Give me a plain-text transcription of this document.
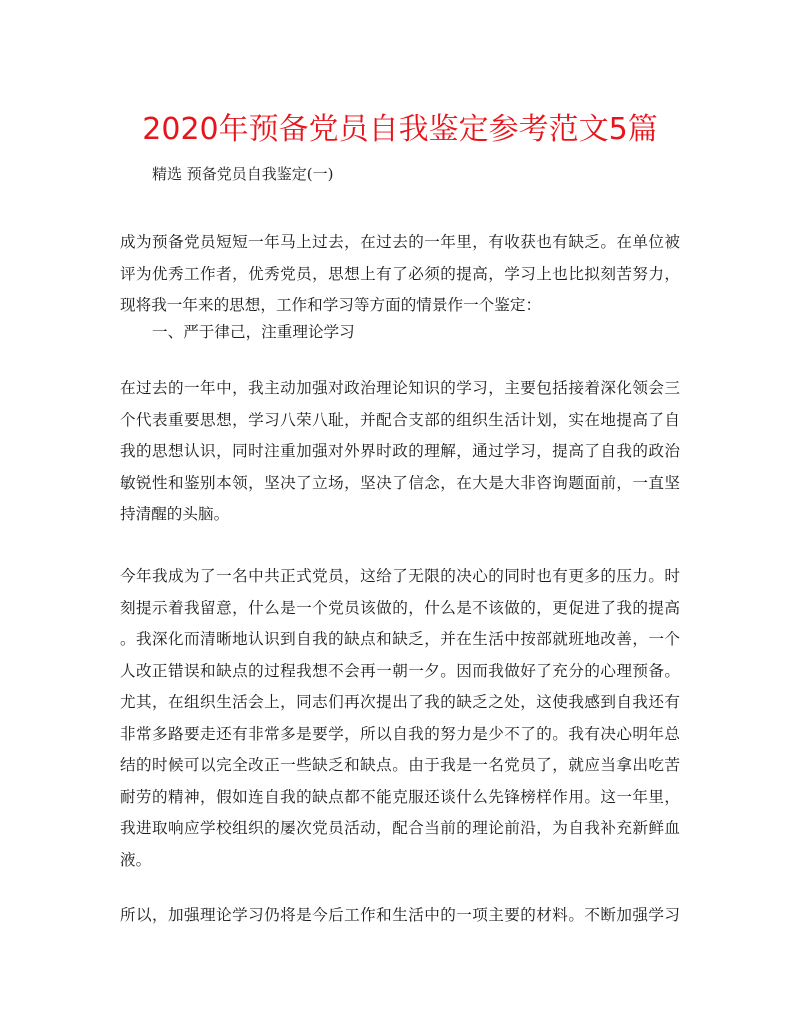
2020年预备党员自我鉴定参考范文5篇
精选 预备党员自我鉴定(一)
成为预备党员短短一年马上过去，在过去的一年里，有收获也有缺乏。在单位被
评为优秀工作者，优秀党员，思想上有了必须的提高，学习上也比拟刻苦努力，
现将我一年来的思想，工作和学习等方面的情景作一个鉴定：
一、严于律己，注重理论学习
在过去的一年中，我主动加强对政治理论知识的学习，主要包括接着深化领会三
个代表重要思想，学习八荣八耻，并配合支部的组织生活计划，实在地提高了自
我的思想认识，同时注重加强对外界时政的理解，通过学习，提高了自我的政治
敏锐性和鉴别本领，坚决了立场，坚决了信念，在大是大非咨询题面前，一直坚
持清醒的头脑。
今年我成为了一名中共正式党员，这给了无限的决心的同时也有更多的压力。时
刻提示着我留意，什么是一个党员该做的，什么是不该做的，更促进了我的提高
。我深化而清晰地认识到自我的缺点和缺乏，并在生活中按部就班地改善，一个
人改正错误和缺点的过程我想不会再一朝一夕。因而我做好了充分的心理预备。
尤其，在组织生活会上，同志们再次提出了我的缺乏之处，这使我感到自我还有
非常多路要走还有非常多是要学，所以自我的努力是少不了的。我有决心明年总
结的时候可以完全改正一些缺乏和缺点。由于我是一名党员了，就应当拿出吃苦
耐劳的精神，假如连自我的缺点都不能克服还谈什么先锋榜样作用。这一年里，
我进取响应学校组织的屡次党员活动，配合当前的理论前沿，为自我补充新鲜血
液。
所以，加强理论学习仍将是今后工作和生活中的一项主要的材料。不断加强学习
